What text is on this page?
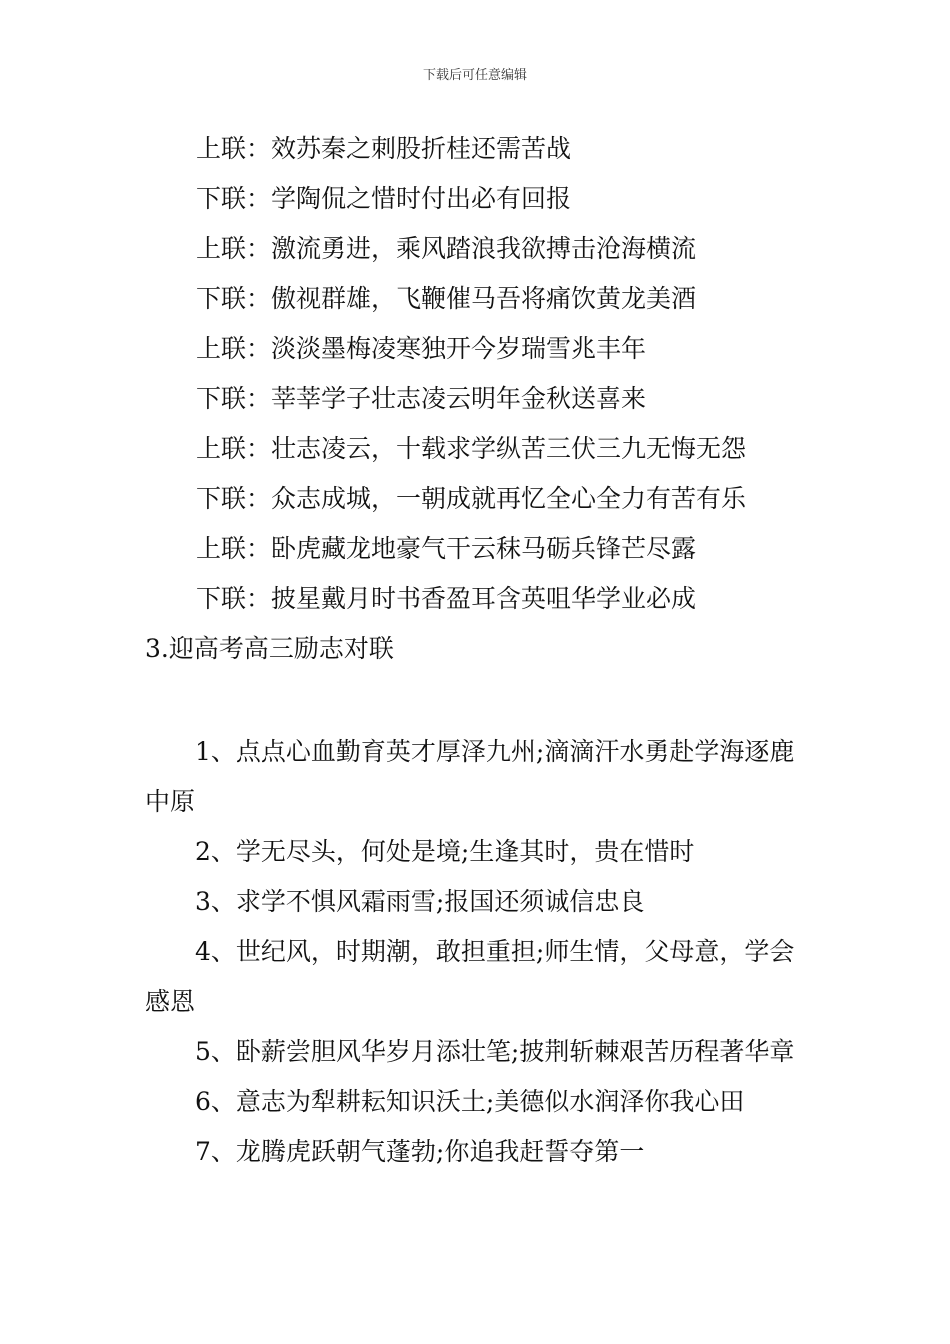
下载后可任意编辑
上联：效苏秦之刺股折桂还需苦战
下联：学陶侃之惜时付出必有回报
上联：激流勇进，乘风踏浪我欲搏击沧海横流
下联：傲视群雄，飞鞭催马吾将痛饮黄龙美酒
上联：淡淡墨梅凌寒独开今岁瑞雪兆丰年
下联：莘莘学子壮志凌云明年金秋送喜来
上联：壮志凌云，十载求学纵苦三伏三九无悔无怨
下联：众志成城，一朝成就再忆全心全力有苦有乐
上联：卧虎藏龙地豪气干云秣马砺兵锋芒尽露
下联：披星戴月时书香盈耳含英咀华学业必成
3.迎高考高三励志对联
1、点点心血勤育英才厚泽九州;滴滴汗水勇赴学海逐鹿中原
2、学无尽头，何处是境;生逢其时，贵在惜时
3、求学不惧风霜雨雪;报国还须诚信忠良
4、世纪风，时期潮，敢担重担;师生情，父母意，学会感恩
5、卧薪尝胆风华岁月添壮笔;披荆斩棘艰苦历程著华章
6、意志为犁耕耘知识沃土;美德似水润泽你我心田
7、龙腾虎跃朝气蓬勃;你追我赶誓夺第一
